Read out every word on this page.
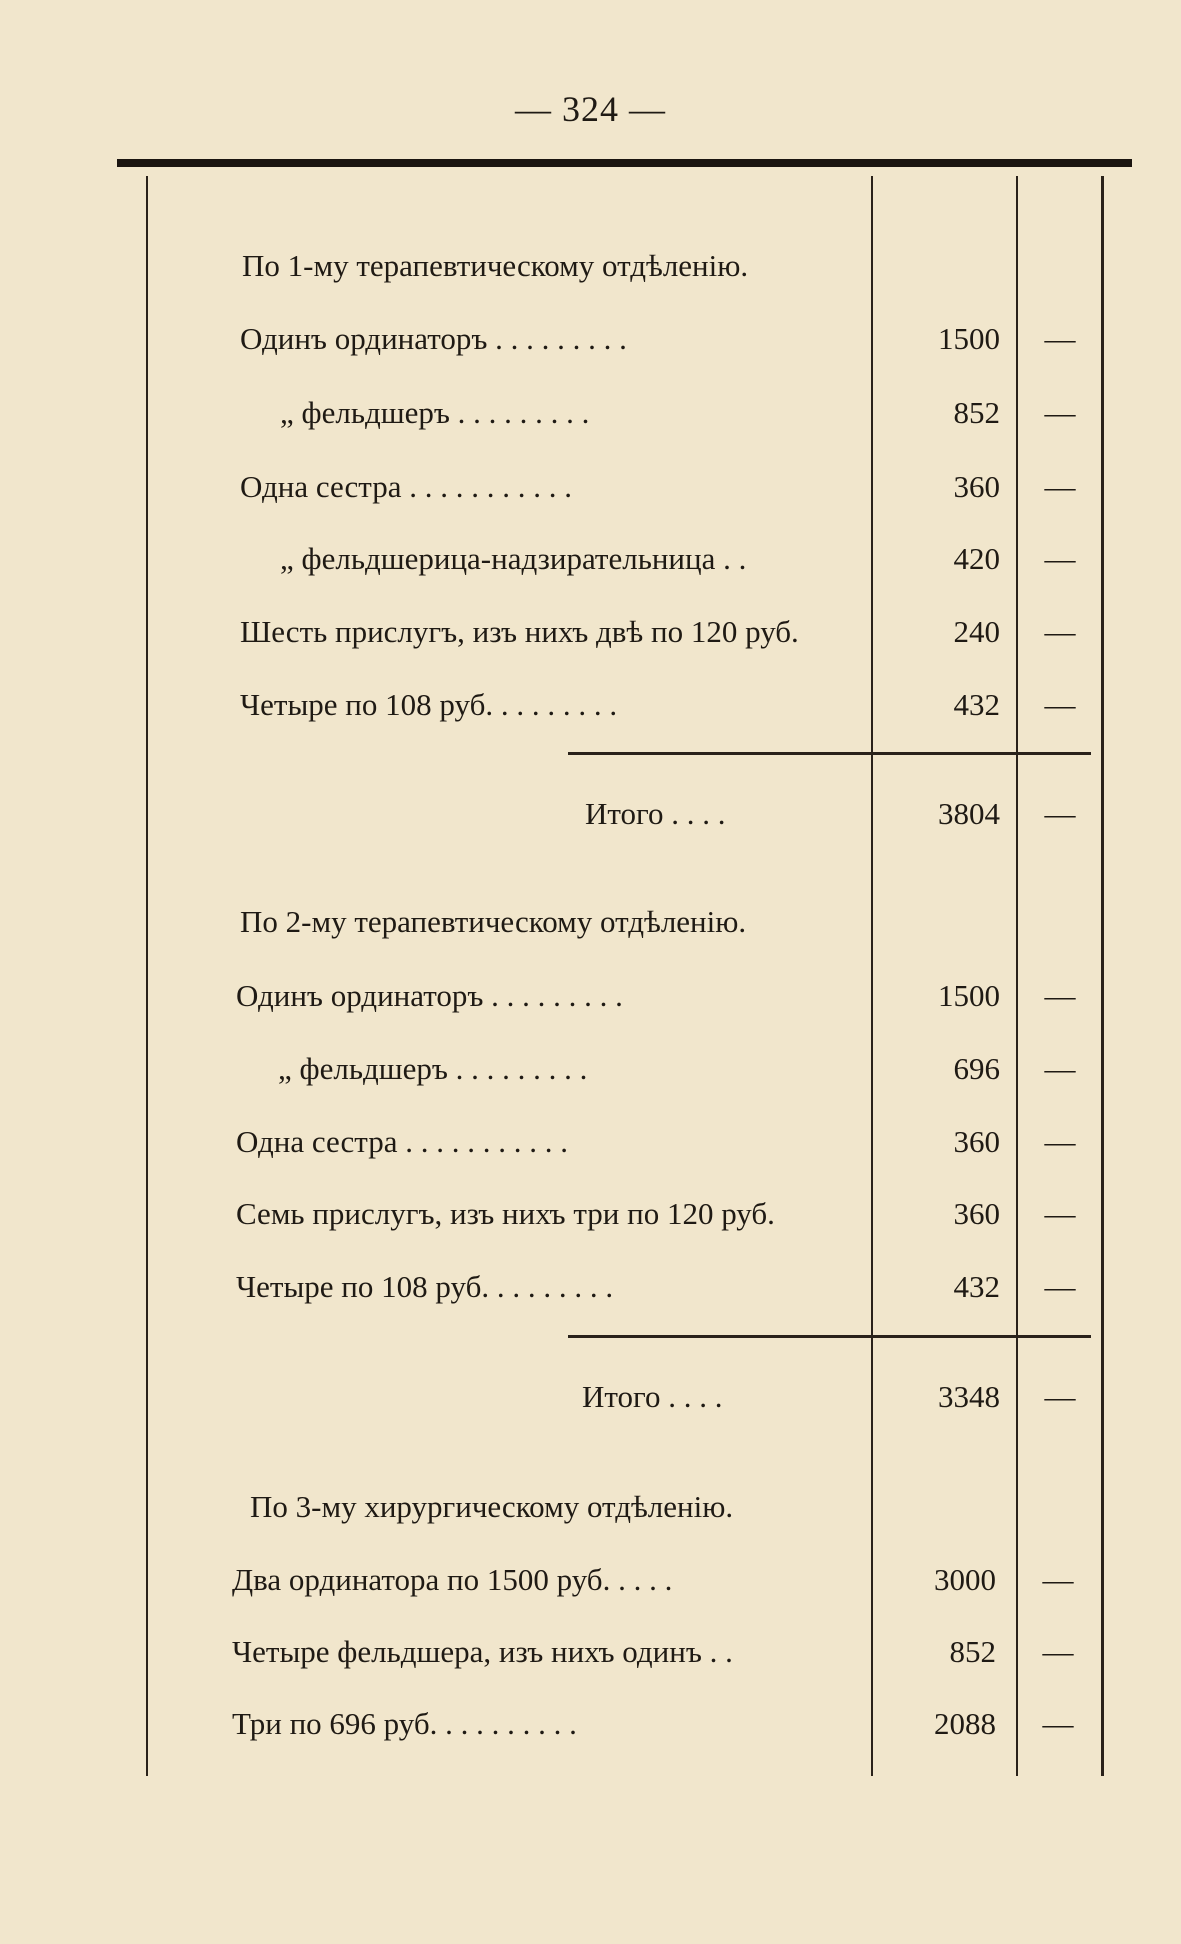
— 324 —
По 1-му терапевтическому отдѣленію.
Одинъ ординаторъ . . . . . . . . .	1500	—
„ фельдшеръ . . . . . . . . .	852	—
Одна сестра . . . . . . . . . . .	360	—
„ фельдшерица-надзирательница . .	420	—
Шесть прислугъ, изъ нихъ двѣ по 120 руб.	240	—
Четыре по 108 руб. . . . . . . . .	432	—
Итого . . . .	3804	—
По 2-му терапевтическому отдѣленію.
Одинъ ординаторъ . . . . . . . . .	1500	—
„ фельдшеръ . . . . . . . . .	696	—
Одна сестра . . . . . . . . . . .	360	—
Семь прислугъ, изъ нихъ три по 120 руб.	360	—
Четыре по 108 руб. . . . . . . . .	432	—
Итого . . . .	3348	—
По 3-му хирургическому отдѣленію.
Два ординатора по 1500 руб. . . . .	3000	—
Четыре фельдшера, изъ нихъ одинъ . .	852	—
Три по 696 руб. . . . . . . . . .	2088	—
